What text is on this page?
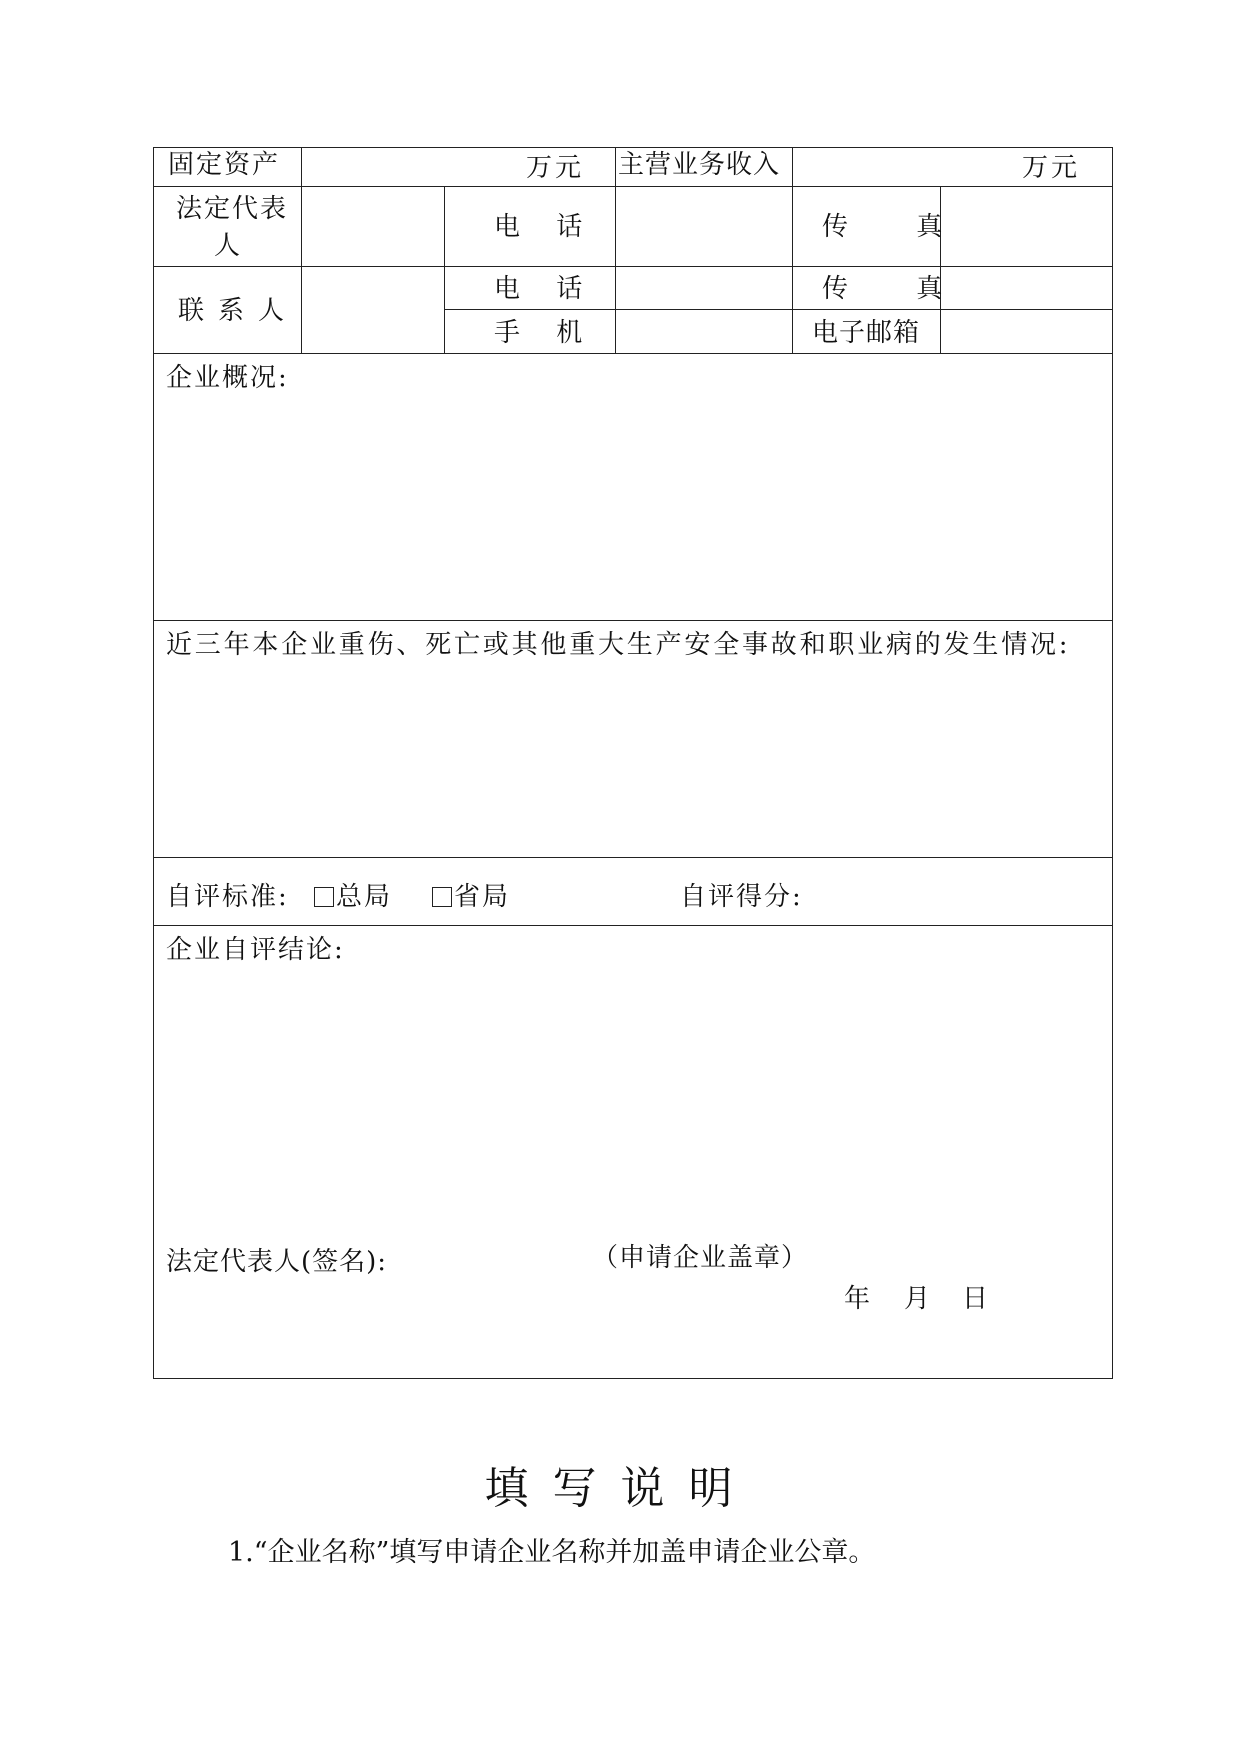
固定资产	万元 主营业务收入	万元
法定代表
人
电 话	传 真
联系人
电 话	传 真
手 机	电子邮箱
企业概况:
近三年本企业重伤、死亡或其他重大生产安全事故和职业病的发生情况:
自评标准:	总局	省局	自评得分:
企业自评结论:
法定代表人(签名):	（申请企业盖章）
年 月 日
填写说明
1.“企业名称”填写申请企业名称并加盖申请企业公章。
